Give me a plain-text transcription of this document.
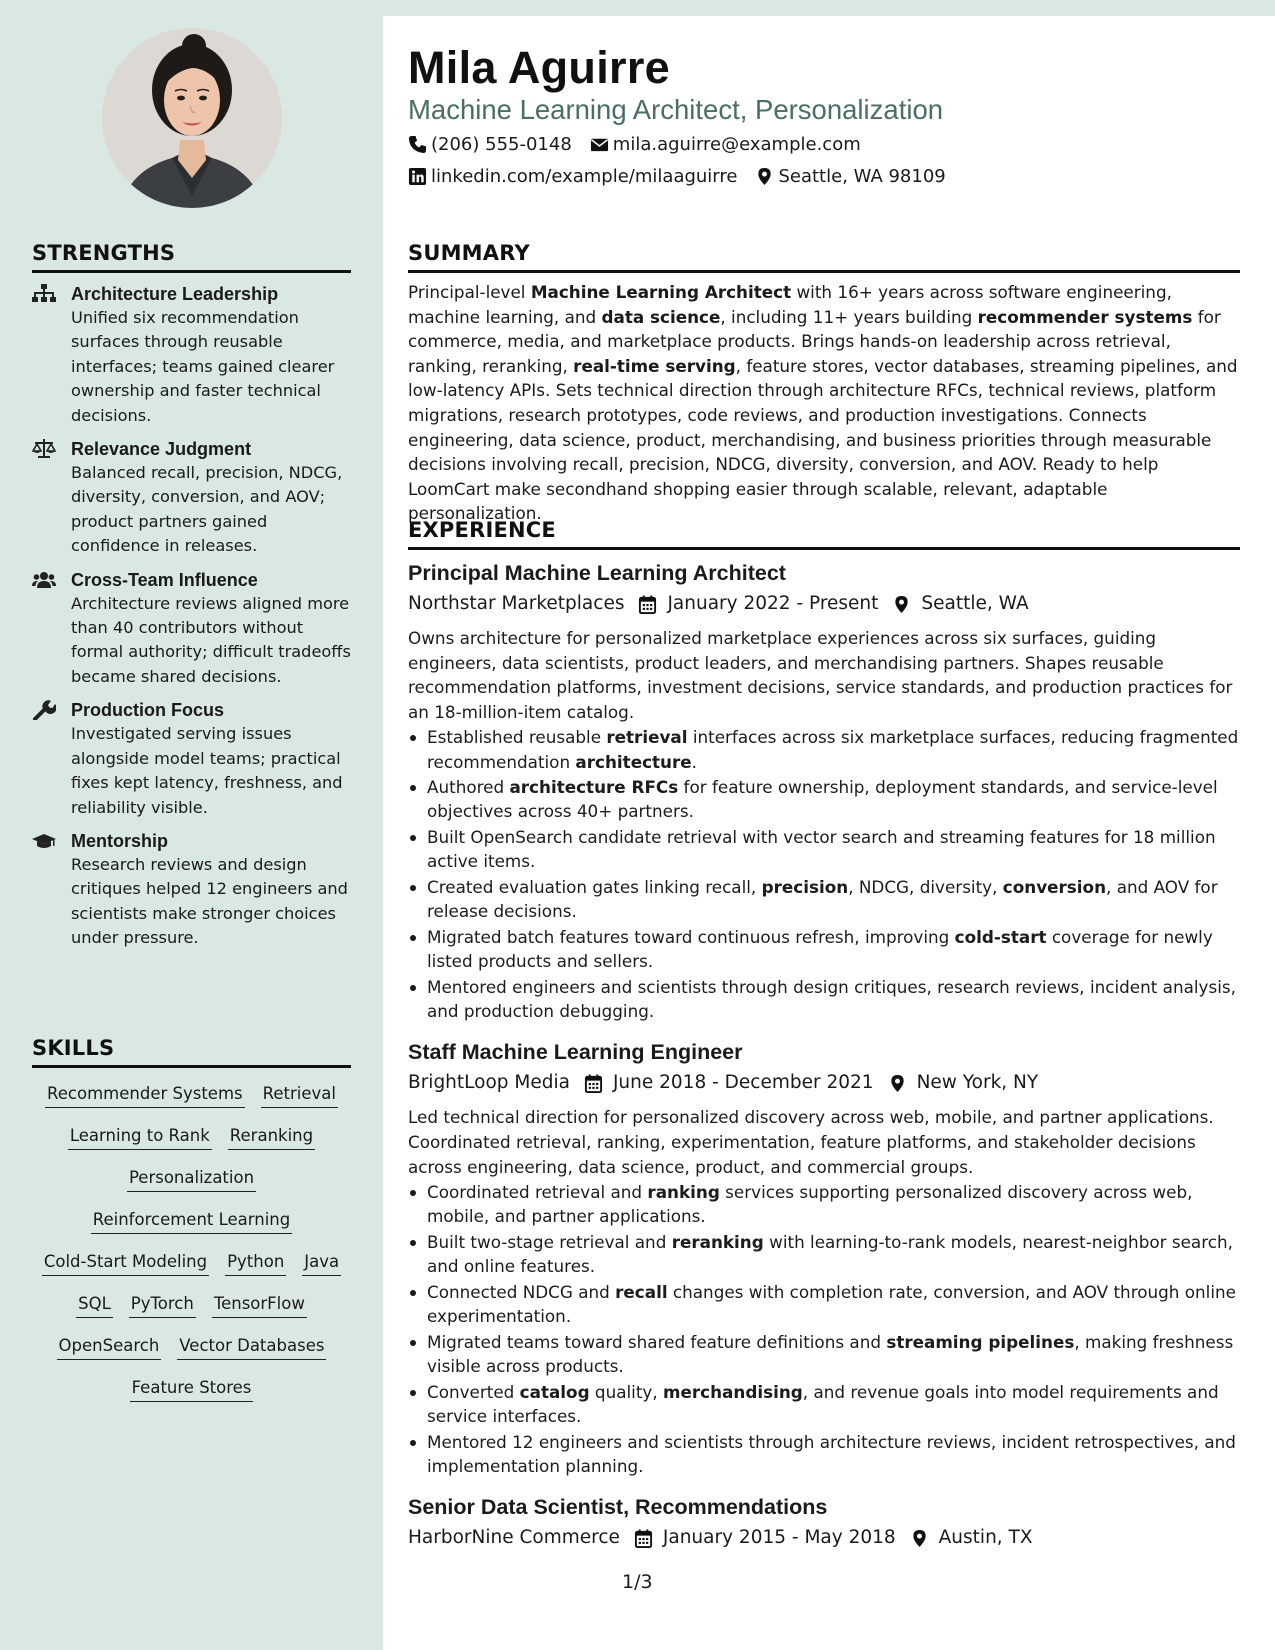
STRENGTHS
Architecture Leadership
Unified six recommendation surfaces through reusable interfaces; teams gained clearer ownership and faster technical decisions.
Relevance Judgment
Balanced recall, precision, NDCG, diversity, conversion, and AOV; product partners gained confidence in releases.
Cross-Team Influence
Architecture reviews aligned more than 40 contributors without formal authority; difficult tradeoffs became shared decisions.
Production Focus
Investigated serving issues alongside model teams; practical fixes kept latency, freshness, and reliability visible.
Mentorship
Research reviews and design critiques helped 12 engineers and scientists make stronger choices under pressure.
SKILLS
Recommender Systems Retrieval
Learning to Rank Reranking
Personalization
Reinforcement Learning
Cold-Start Modeling Python Java
SQL PyTorch TensorFlow
OpenSearch Vector Databases
Feature Stores
Mila Aguirre
Machine Learning Architect, Personalization
(206) 555-0148 mila.aguirre@example.com
linkedin.com/example/milaaguirre Seattle, WA 98109
SUMMARY
Principal-level Machine Learning Architect with 16+ years across software engineering, machine learning, and data science, including 11+ years building recommender systems for commerce, media, and marketplace products. Brings hands-on leadership across retrieval, ranking, reranking, real-time serving, feature stores, vector databases, streaming pipelines, and low-latency APIs. Sets technical direction through architecture RFCs, technical reviews, platform migrations, research prototypes, code reviews, and production investigations. Connects engineering, data science, product, merchandising, and business priorities through measurable decisions involving recall, precision, NDCG, diversity, conversion, and AOV. Ready to help LoomCart make secondhand shopping easier through scalable, relevant, adaptable personalization.
EXPERIENCE
Principal Machine Learning Architect
Northstar Marketplaces January 2022 - Present Seattle, WA
Owns architecture for personalized marketplace experiences across six surfaces, guiding engineers, data scientists, product leaders, and merchandising partners. Shapes reusable recommendation platforms, investment decisions, service standards, and production practices for an 18-million-item catalog.
Established reusable retrieval interfaces across six marketplace surfaces, reducing fragmented recommendation architecture.
Authored architecture RFCs for feature ownership, deployment standards, and service-level objectives across 40+ partners.
Built OpenSearch candidate retrieval with vector search and streaming features for 18 million active items.
Created evaluation gates linking recall, precision, NDCG, diversity, conversion, and AOV for release decisions.
Migrated batch features toward continuous refresh, improving cold-start coverage for newly listed products and sellers.
Mentored engineers and scientists through design critiques, research reviews, incident analysis, and production debugging.
Staff Machine Learning Engineer
BrightLoop Media June 2018 - December 2021 New York, NY
Led technical direction for personalized discovery across web, mobile, and partner applications. Coordinated retrieval, ranking, experimentation, feature platforms, and stakeholder decisions across engineering, data science, product, and commercial groups.
Coordinated retrieval and ranking services supporting personalized discovery across web, mobile, and partner applications.
Built two-stage retrieval and reranking with learning-to-rank models, nearest-neighbor search, and online features.
Connected NDCG and recall changes with completion rate, conversion, and AOV through online experimentation.
Migrated teams toward shared feature definitions and streaming pipelines, making freshness visible across products.
Converted catalog quality, merchandising, and revenue goals into model requirements and service interfaces.
Mentored 12 engineers and scientists through architecture reviews, incident retrospectives, and implementation planning.
Senior Data Scientist, Recommendations
HarborNine Commerce January 2015 - May 2018 Austin, TX
1/3
